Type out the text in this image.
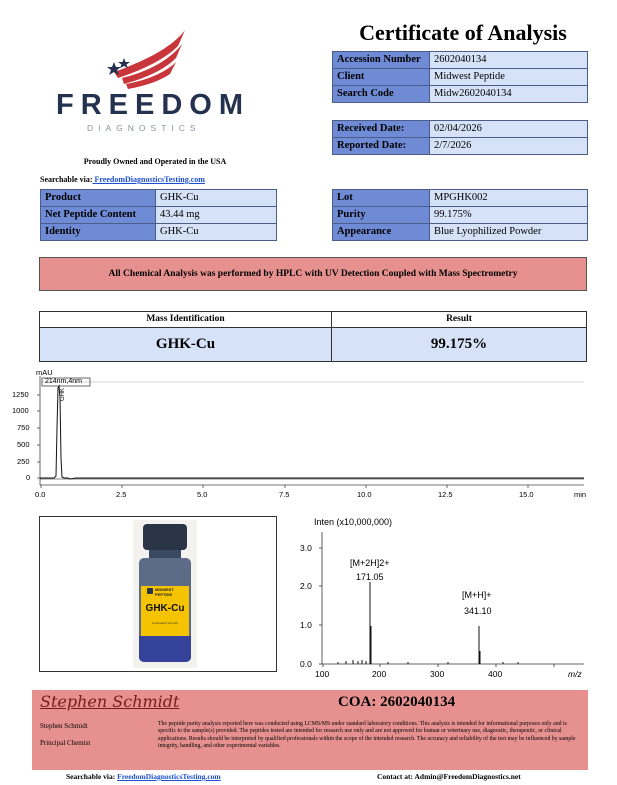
FREEDOM
DIAGNOSTICS
Proudly Owned and Operated in the USA
Searchable via: FreedomDiagnosticsTesting.com
Certificate of Analysis
Accession Number	2602040134
Client	Midwest Peptide
Search Code	Midw2602040134
Received Date:	02/04/2026
Reported Date:	2/7/2026
Product	GHK-Cu
Net Peptide Content	43.44 mg
Identity	GHK-Cu
Lot	MPGHK002
Purity	99.175%
Appearance	Blue Lyophilized Powder
All Chemical Analysis was performed by HPLC with UV Detection Coupled with Mass Spectrometry
Mass Identification	Result
GHK-Cu	99.175%
mAU
214nm,4nm
GHK
1250
1000
750
500
250
0
0.0	2.5	5.0	7.5	10.0	12.5	15.0	min
MIDWEST
PEPTIDE
GHK-Cu
For Research Use Only
Inten (x10,000,000)
3.0
2.0
1.0
0.0
100	200	300	400	m/z
[M+2H]2+
171.05
[M+H]+
341.10
Stephen Schmidt	COA: 2602040134
Stephen Schmidt
Principal Chemist
The peptide purity analysis reported here was conducted using LCMS/MS under standard laboratory conditions. This analysis is intended for informational purposes only and is specific to the sample(s) provided. The peptides tested are intended for research use only and are not approved for human or veterinary use, diagnostic, therapeutic, or clinical applications. Results should be interpreted by qualified professionals within the scope of the intended research. The accuracy and reliability of the test may be influenced by sample integrity, handling, and other experimental variables.
Searchable via: FreedomDiagnosticsTesting.com	Contact at: Admin@FreedomDiagnostics.net
